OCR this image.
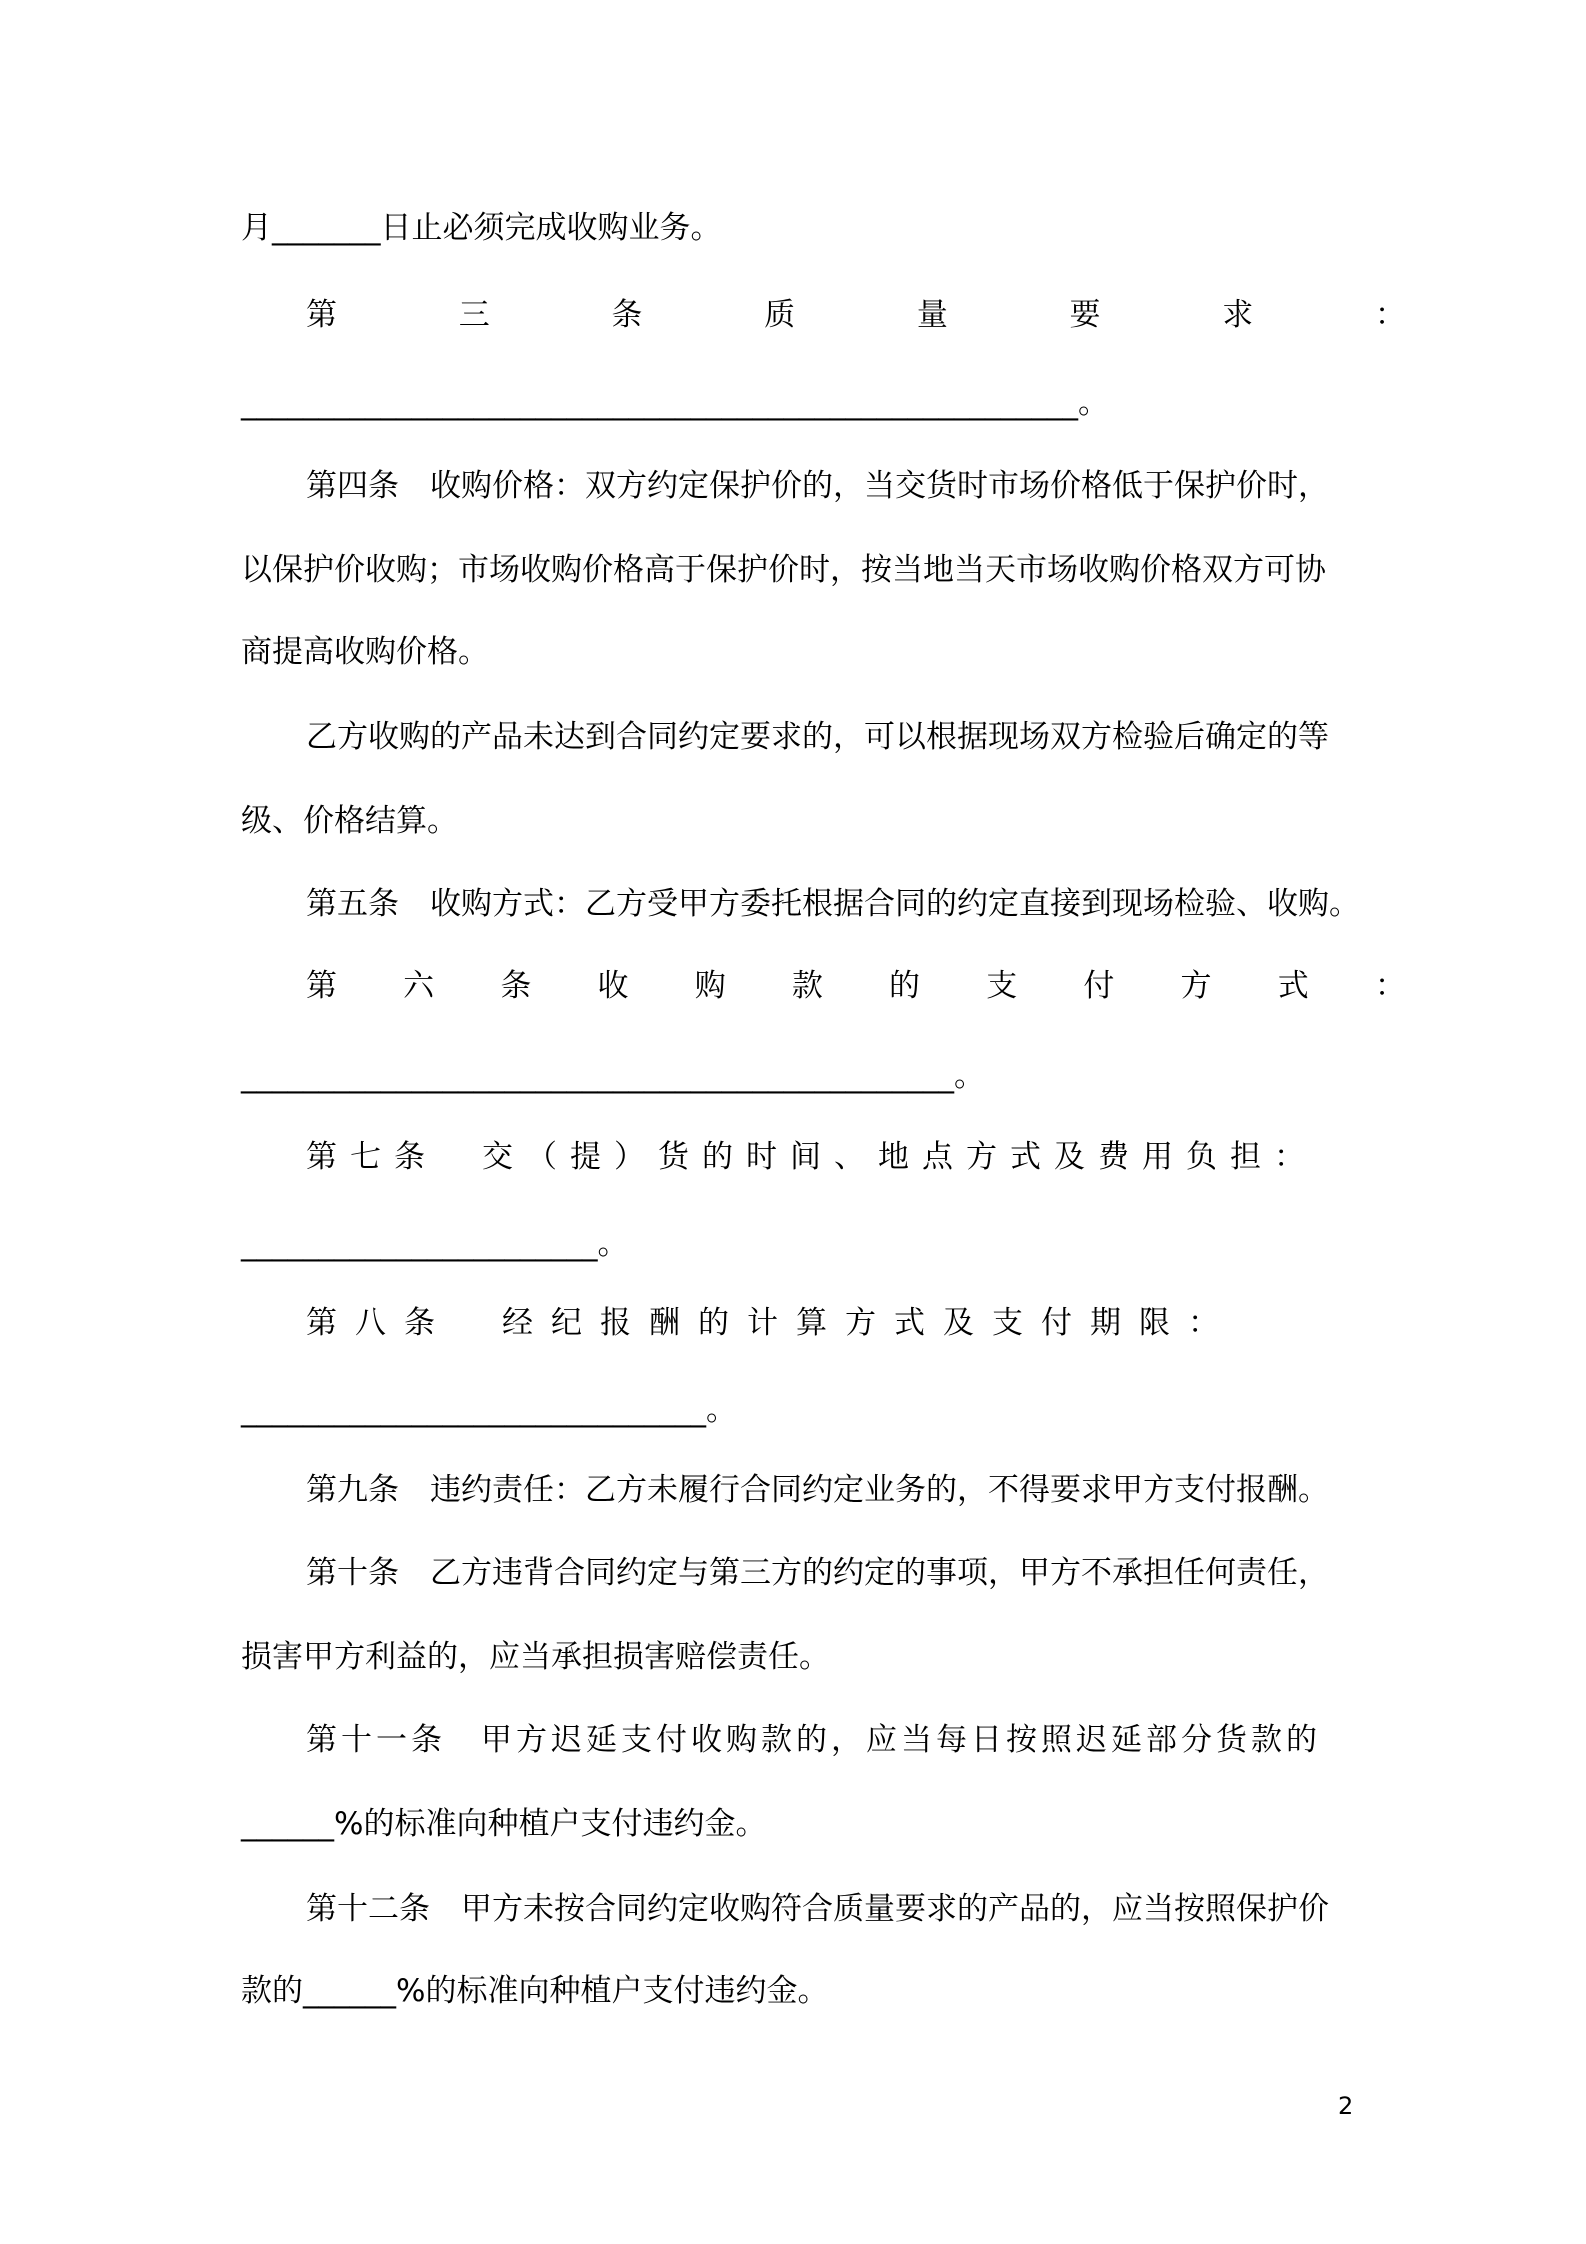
月_______日止必须完成收购业务。
第	三	条	质	量	要	求	：
______________________________________________________。
第四条　收购价格：双方约定保护价的，当交货时市场价格低于保护价时，
以保护价收购；市场收购价格高于保护价时，按当地当天市场收购价格双方可协
商提高收购价格。
乙方收购的产品未达到合同约定要求的，可以根据现场双方检验后确定的等
级、价格结算。
第五条　收购方式：乙方受甲方委托根据合同的约定直接到现场检验、收购。
第 六 条 收 购 款 的 支 付 方 式 ：
______________________________________________。
第七条　交（提）货的时间、地点方式及费用负担：
_______________________。
第八条　经纪报酬的计算方式及支付期限：
______________________________。
第九条　违约责任：乙方未履行合同约定业务的，不得要求甲方支付报酬。
第十条　乙方违背合同约定与第三方的约定的事项，甲方不承担任何责任，
损害甲方利益的，应当承担损害赔偿责任。
第十一条　甲方迟延支付收购款的，应当每日按照迟延部分货款的
______%的标准向种植户支付违约金。
第十二条　甲方未按合同约定收购符合质量要求的产品的，应当按照保护价
款的______%的标准向种植户支付违约金。
2
